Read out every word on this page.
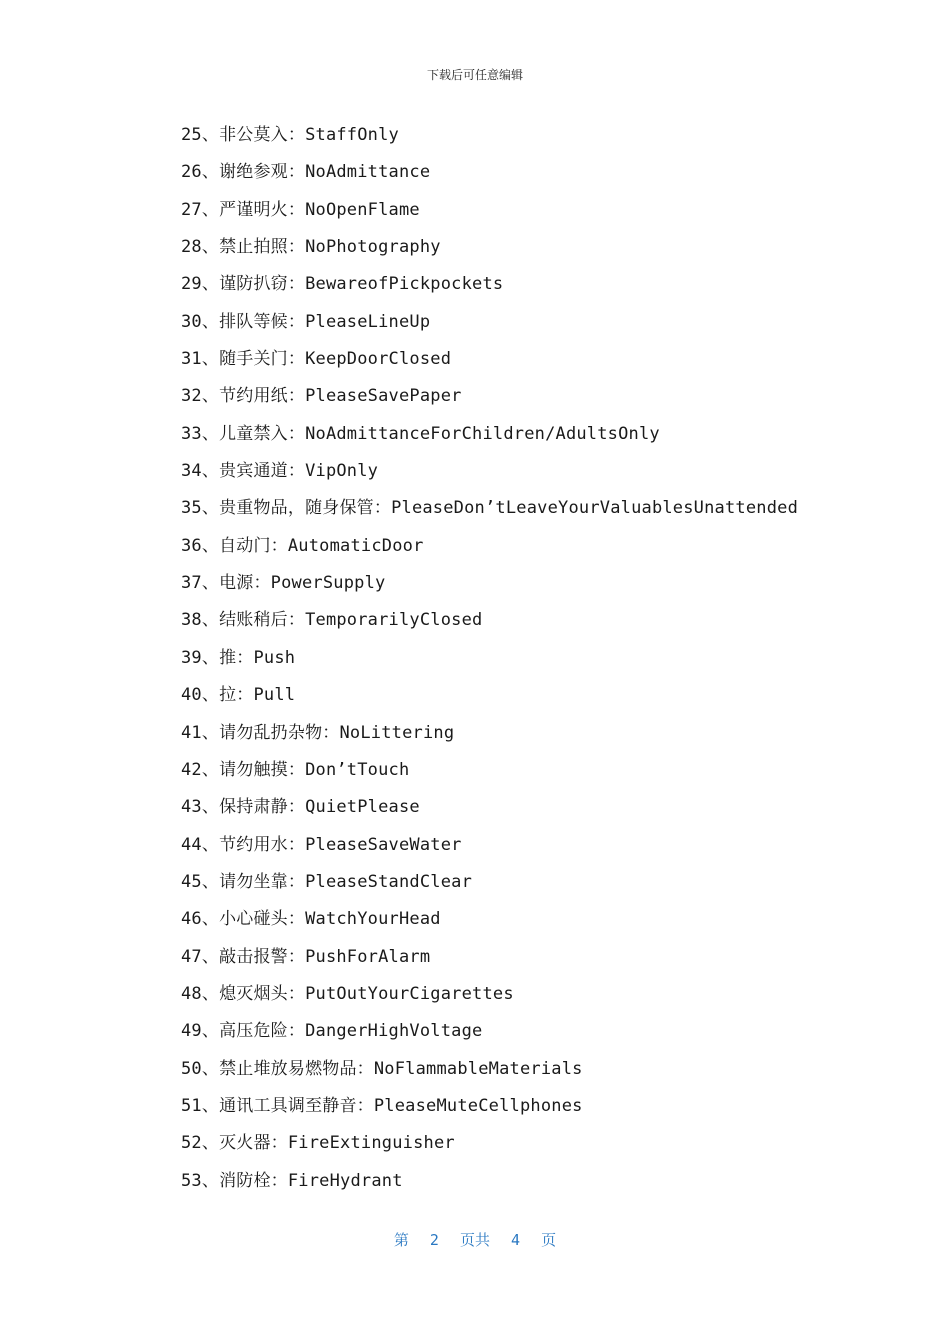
下载后可任意编辑
25、非公莫入：StaffOnly
26、谢绝参观：NoAdmittance
27、严谨明火：NoOpenFlame
28、禁止拍照：NoPhotography
29、谨防扒窃：BewareofPickpockets
30、排队等候：PleaseLineUp
31、随手关门：KeepDoorClosed
32、节约用纸：PleaseSavePaper
33、儿童禁入：NoAdmittanceForChildren/AdultsOnly
34、贵宾通道：VipOnly
35、贵重物品，随身保管：PleaseDon’tLeaveYourValuablesUnattended
36、自动门：AutomaticDoor
37、电源：PowerSupply
38、结账稍后：TemporarilyClosed
39、推：Push
40、拉：Pull
41、请勿乱扔杂物：NoLittering
42、请勿触摸：Don’tTouch
43、保持肃静：QuietPlease
44、节约用水：PleaseSaveWater
45、请勿坐靠：PleaseStandClear
46、小心碰头：WatchYourHead
47、敲击报警：PushForAlarm
48、熄灭烟头：PutOutYourCigarettes
49、高压危险：DangerHighVoltage
50、禁止堆放易燃物品：NoFlammableMaterials
51、通讯工具调至静音：PleaseMuteCellphones
52、灭火器：FireExtinguisher
53、消防栓：FireHydrant
第 2 页共 4 页
